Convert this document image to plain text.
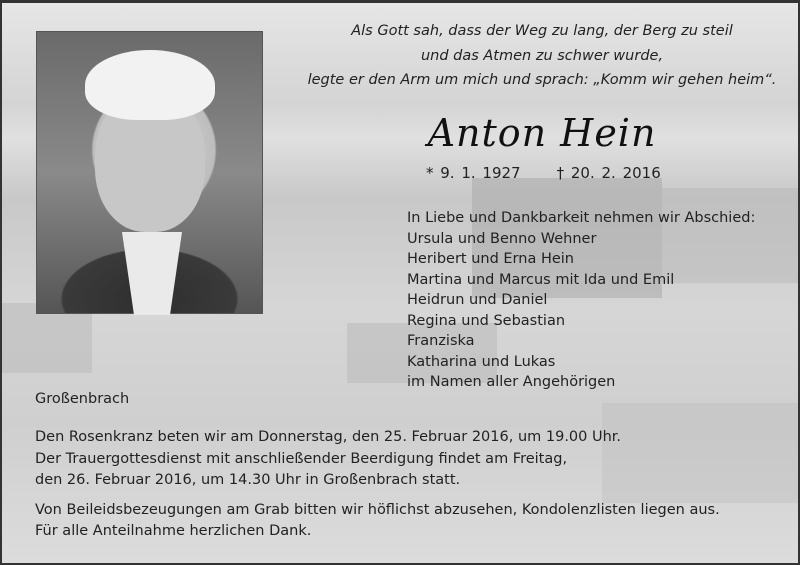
Als Gott sah, dass der Weg zu lang, der Berg zu steil
und das Atmen zu schwer wurde,
legte er den Arm um mich und sprach: „Komm wir gehen heim“.
Anton Hein
* 9. 1. 1927 † 20. 2. 2016
In Liebe und Dankbarkeit nehmen wir Abschied:
Ursula und Benno Wehner
Heribert und Erna Hein
Martina und Marcus mit Ida und Emil
Heidrun und Daniel
Regina und Sebastian
Franziska
Katharina und Lukas
im Namen aller Angehörigen
Großenbrach
Den Rosenkranz beten wir am Donnerstag, den 25. Februar 2016, um 19.00 Uhr.
Der Trauergottesdienst mit anschließender Beerdigung findet am Freitag,
den 26. Februar 2016, um 14.30 Uhr in Großenbrach statt.
Von Beileidsbezeugungen am Grab bitten wir höflichst abzusehen, Kondolenzlisten liegen aus.
Für alle Anteilnahme herzlichen Dank.
